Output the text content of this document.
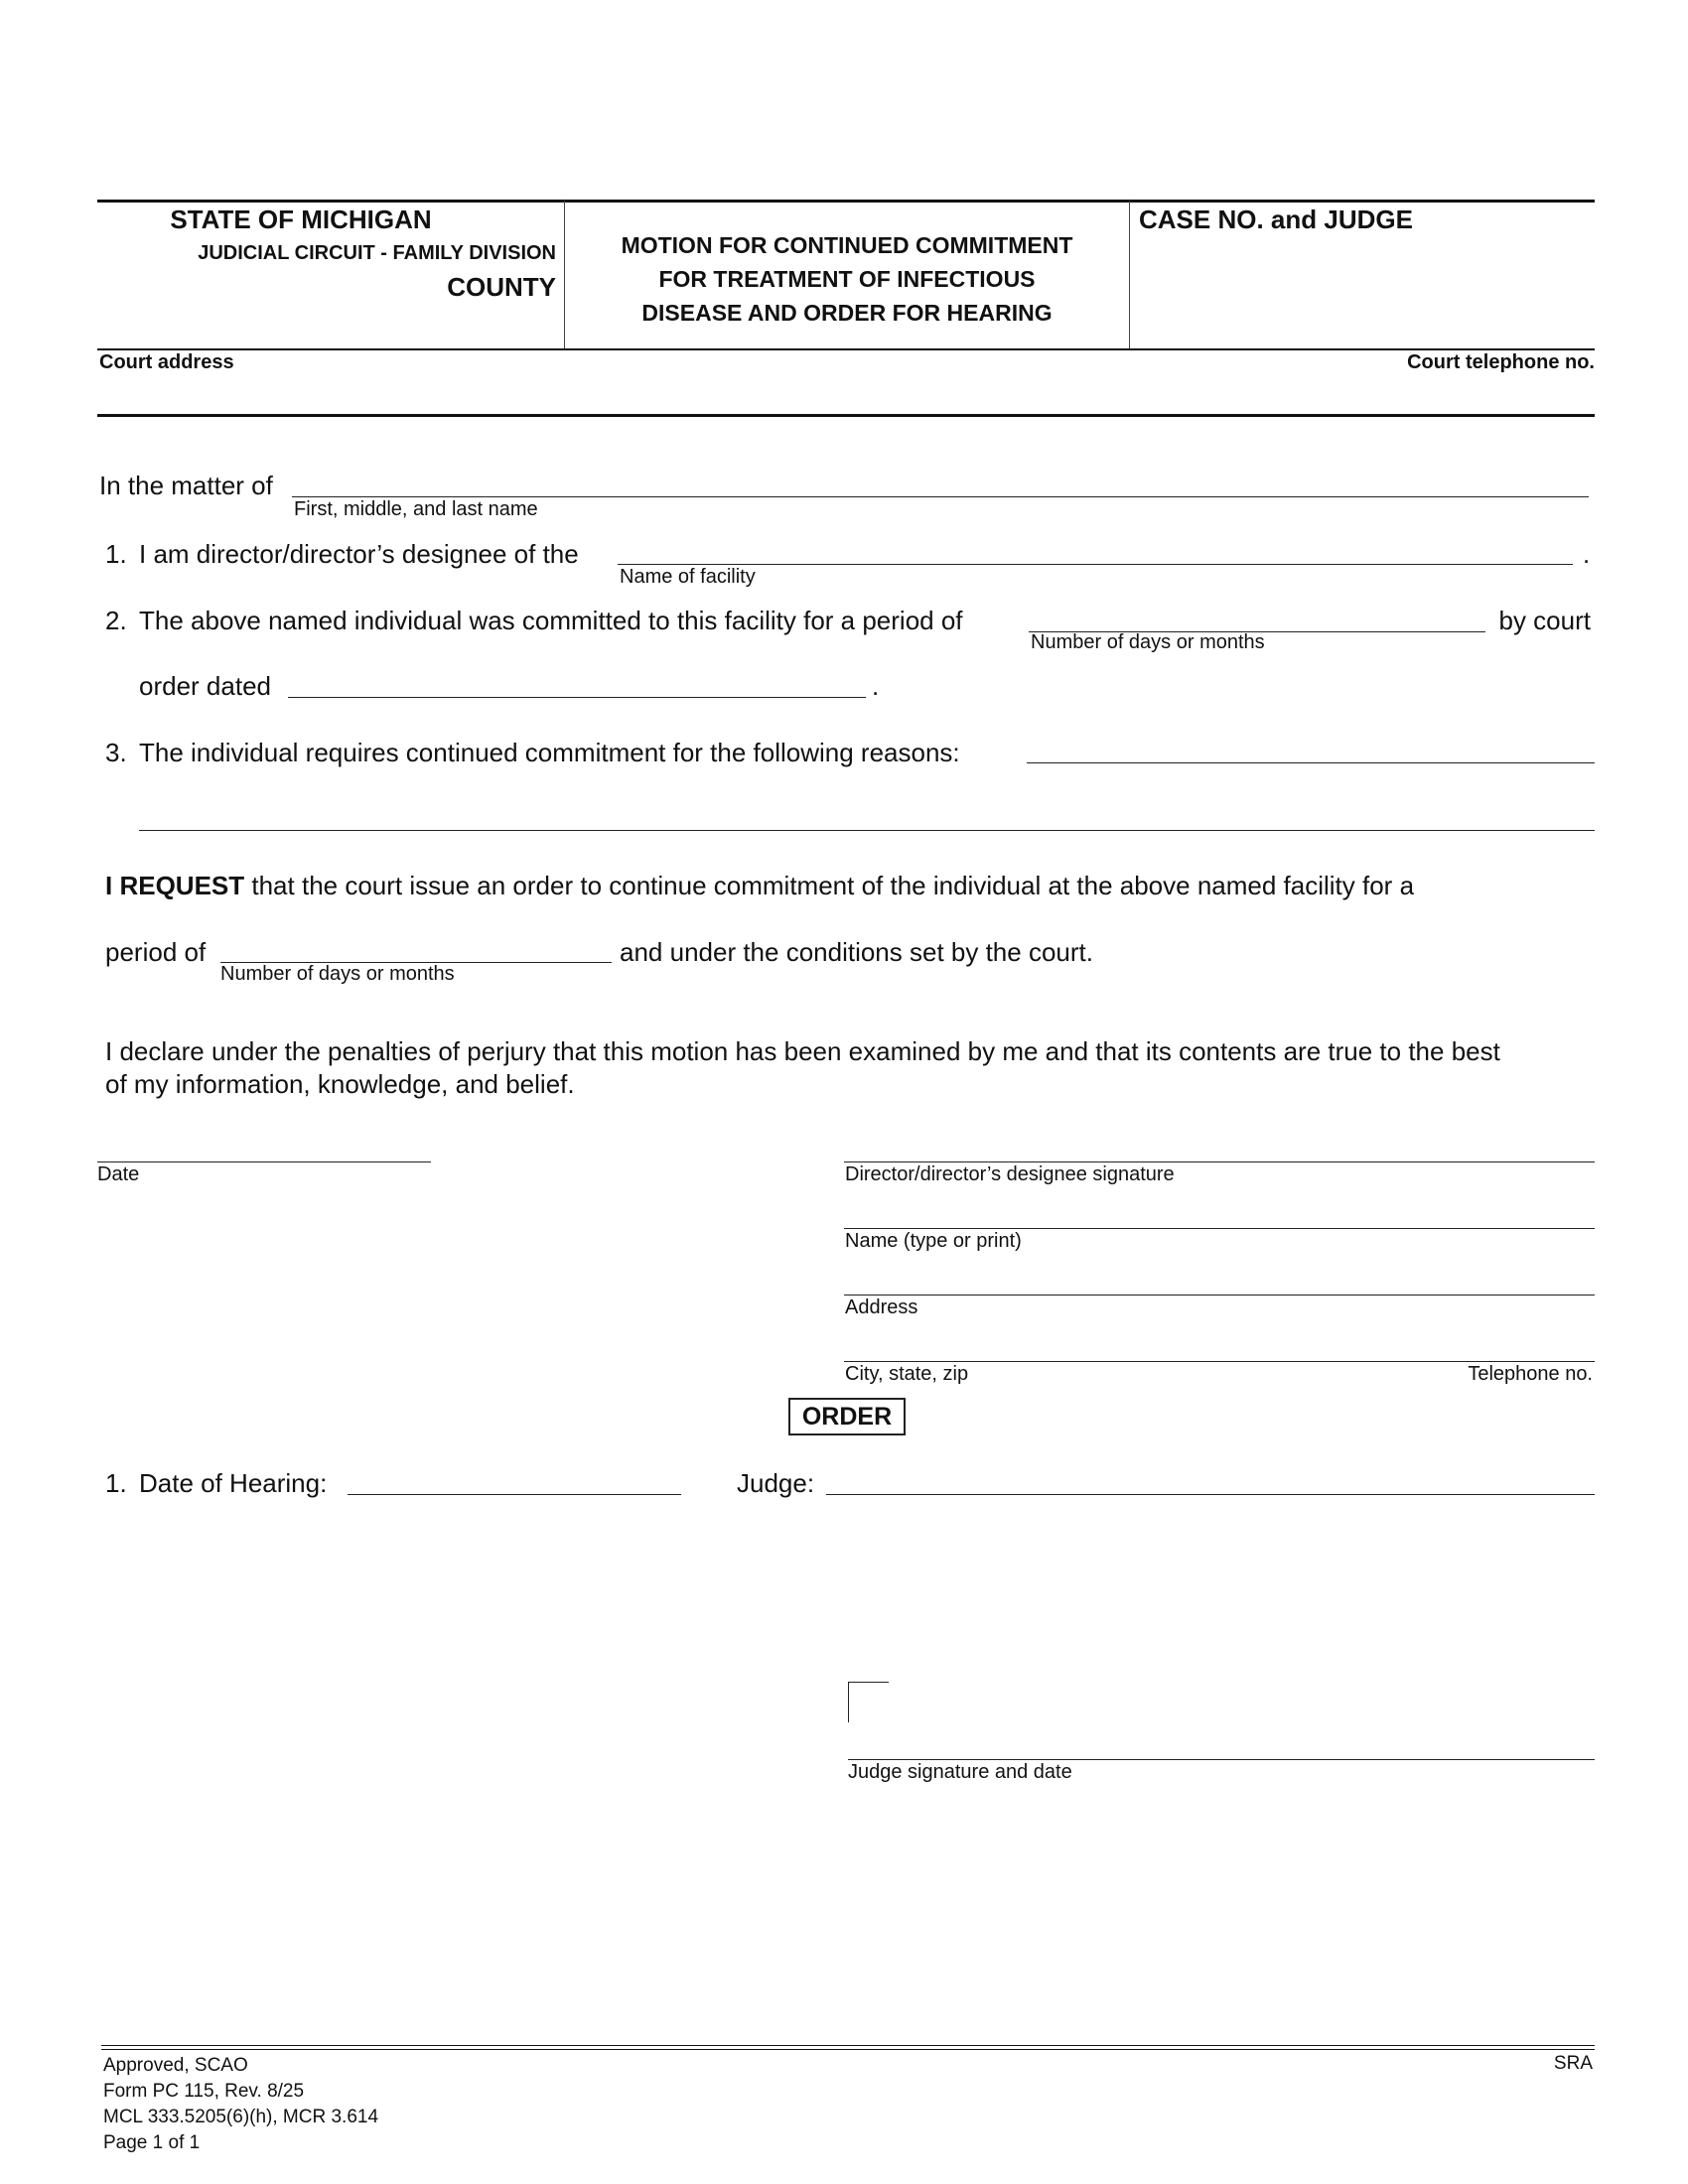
STATE OF MICHIGAN
JUDICIAL CIRCUIT - FAMILY DIVISION
COUNTY
MOTION FOR CONTINUED COMMITMENT
FOR TREATMENT OF INFECTIOUS
DISEASE AND ORDER FOR HEARING
CASE NO. and JUDGE
Court address	Court telephone no.
In the matter of
First, middle, and last name
1. I am director/director’s designee of the
Name of facility
.
2. The above named individual was committed to this facility for a period of
Number of days or months
by court
order dated	.
3. The individual requires continued commitment for the following reasons:
I REQUEST that the court issue an order to continue commitment of the individual at the above named facility for a
period of
Number of days or months
and under the conditions set by the court.
I declare under the penalties of perjury that this motion has been examined by me and that its contents are true to the best
of my information, knowledge, and belief.
Date	Director/director’s designee signature
Name (type or print)
Address
City, state, zip	Telephone no.
ORDER
1. Date of Hearing:	Judge:
Judge signature and date
Approved, SCAO
Form PC 115, Rev. 8/25
MCL 333.5205(6)(h), MCR 3.614
Page 1 of 1
SRA
